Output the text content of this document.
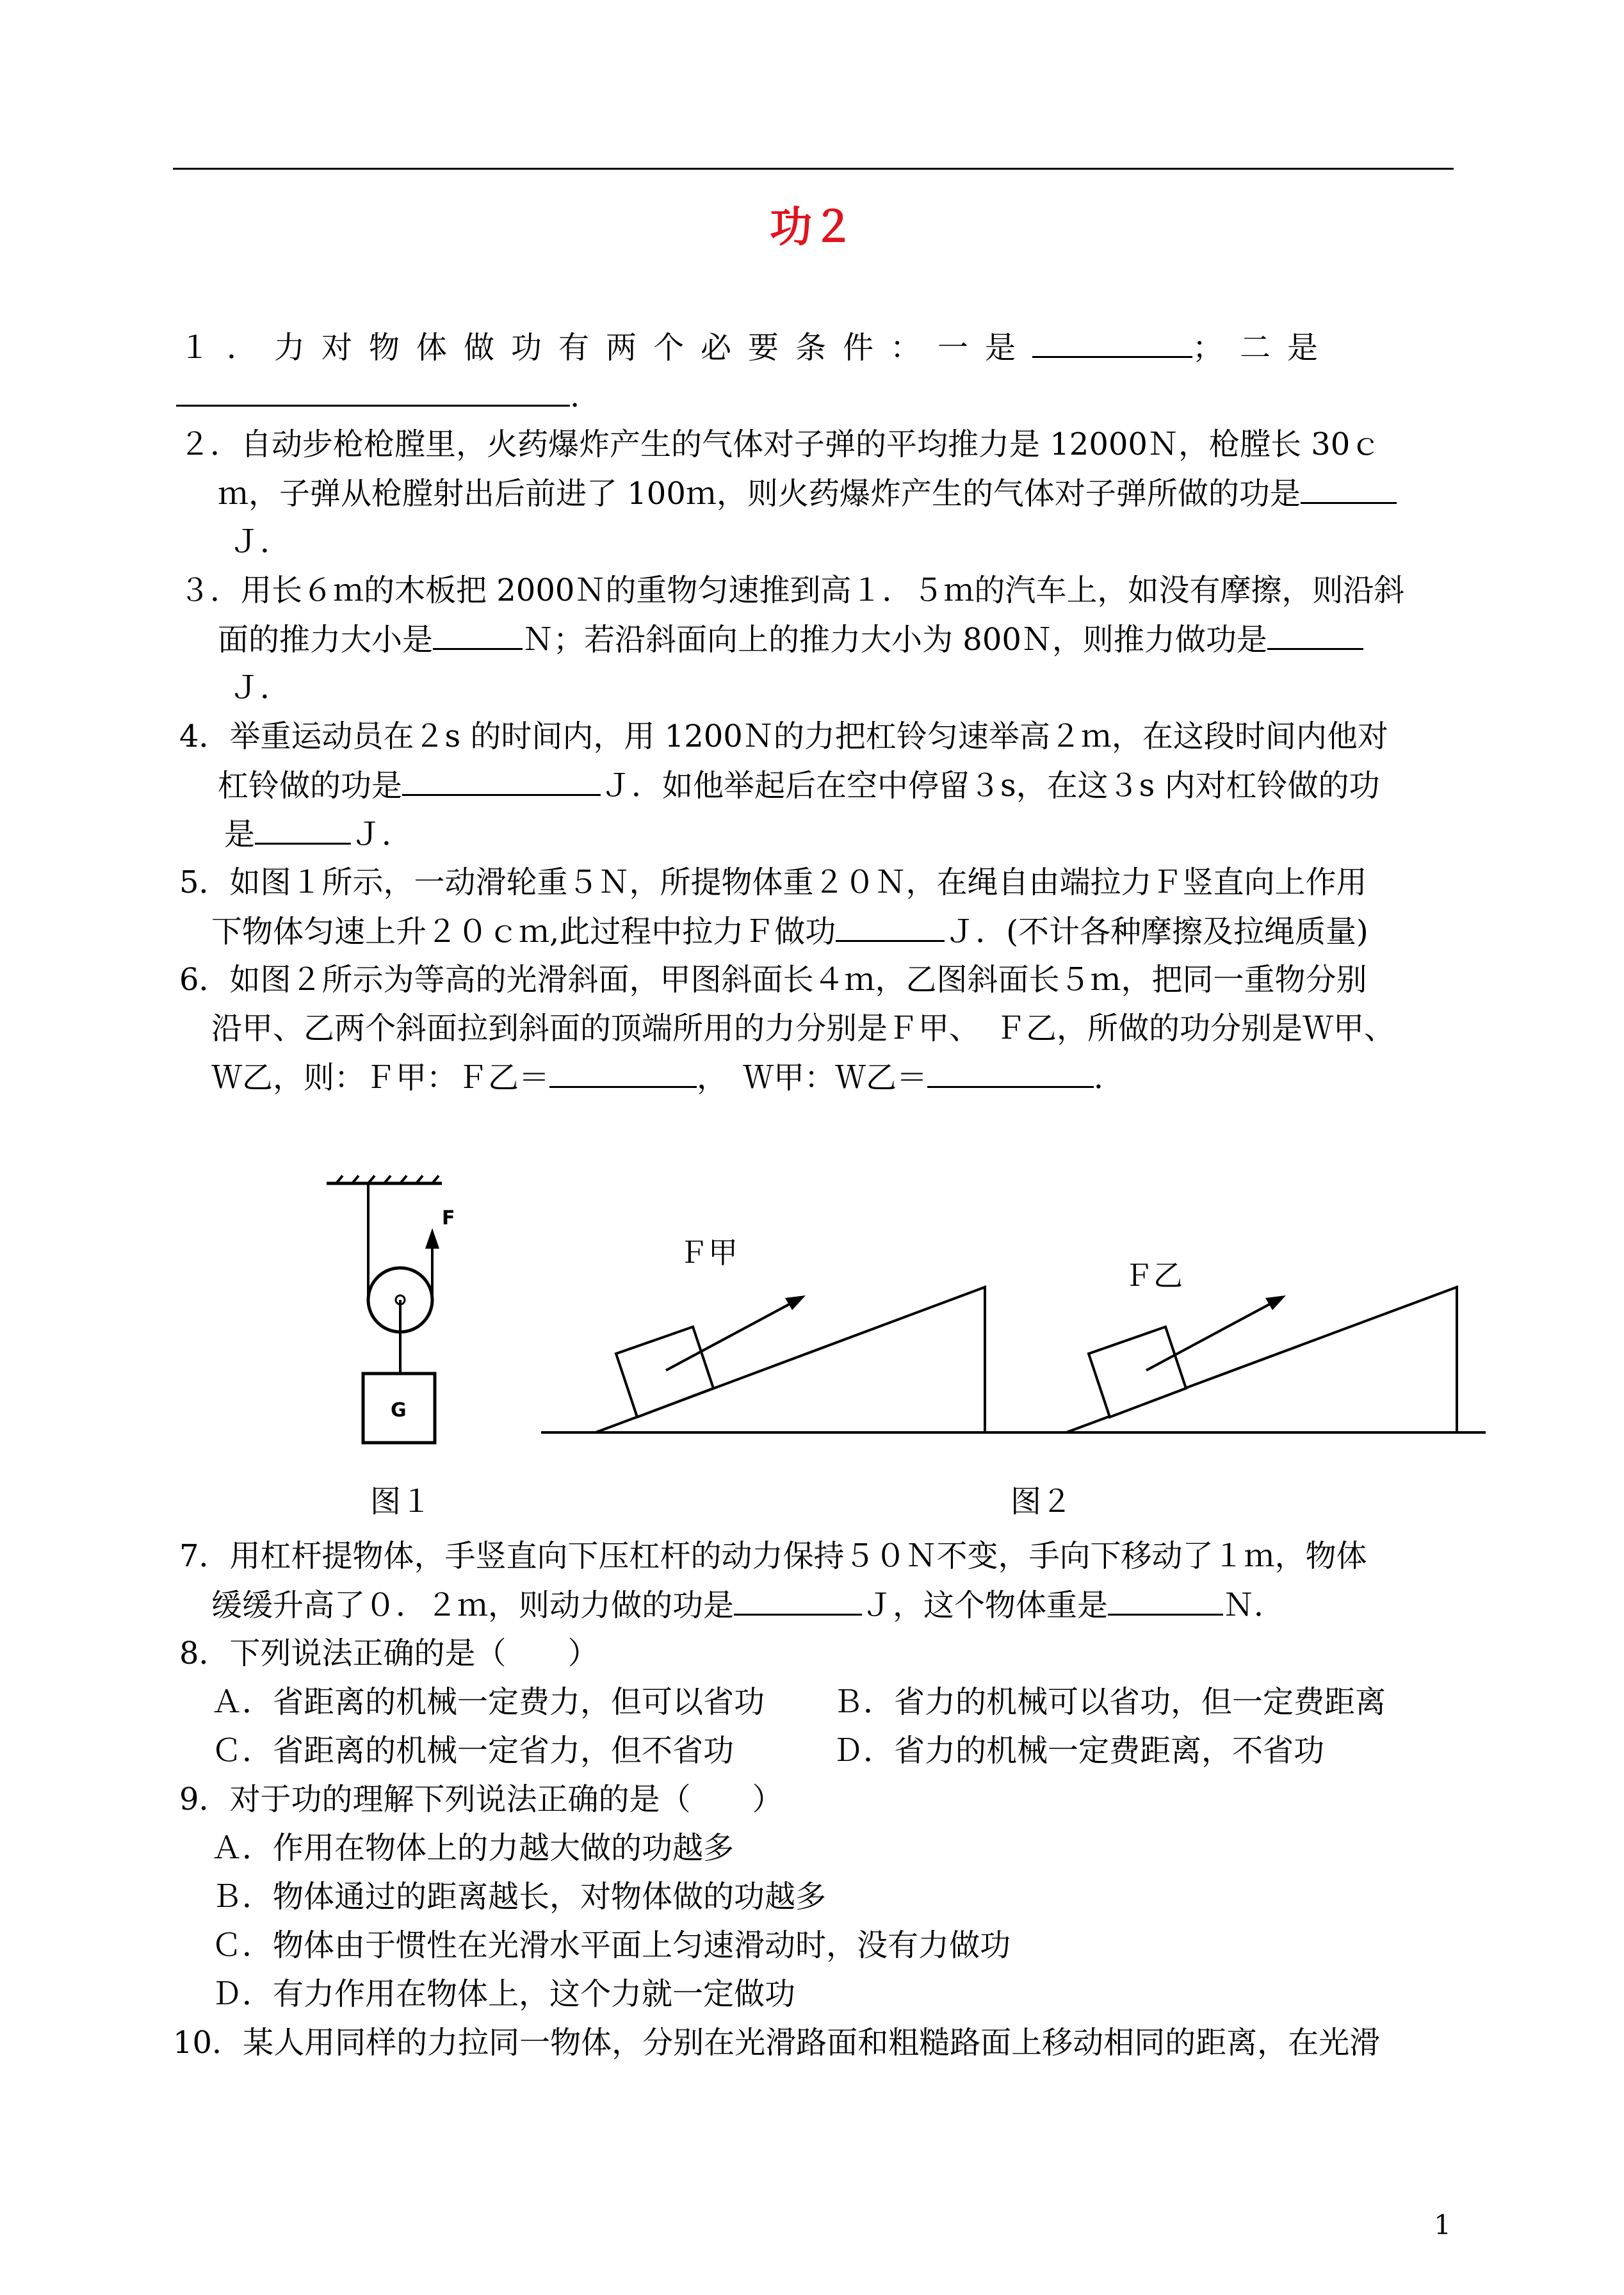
功２
１．力对物体做功有两个必要条件：一是	；二是
.
２．自动步枪枪膛里，火药爆炸产生的气体对子弹的平均推力是 12000Ｎ，枪膛长 30ｃ
ｍ，子弹从枪膛射出后前进了 100ｍ，则火药爆炸产生的气体对子弹所做的功是
Ｊ．
３．用长６ｍ的木板把 2000Ｎ的重物匀速推到高１．５ｍ的汽车上，如没有摩擦，则沿斜
面的推力大小是	Ｎ；若沿斜面向上的推力大小为 800Ｎ，则推力做功是
Ｊ．
4．举重运动员在２s 的时间内，用 1200Ｎ的力把杠铃匀速举高２ｍ，在这段时间内他对
杠铃做的功是	Ｊ．如他举起后在空中停留３s，在这３s 内对杠铃做的功
是	Ｊ．
5．如图１所示，一动滑轮重５Ｎ，所提物体重２０Ｎ，在绳自由端拉力Ｆ竖直向上作用
下物体匀速上升２０ｃｍ,此过程中拉力Ｆ做功	Ｊ．(不计各种摩擦及拉绳质量)
6．如图２所示为等高的光滑斜面，甲图斜面长４ｍ，乙图斜面长５ｍ，把同一重物分别
沿甲、乙两个斜面拉到斜面的顶端所用的力分别是Ｆ甲、　Ｆ乙，所做的功分别是Ｗ甲、
Ｗ乙，则：Ｆ甲：Ｆ乙＝	，　Ｗ甲：Ｗ乙＝	．
F
G
Ｆ甲
Ｆ乙
图１	图２
7．用杠杆提物体，手竖直向下压杠杆的动力保持５０Ｎ不变，手向下移动了１ｍ，物体
缓缓升高了０．２ｍ，则动力做的功是	Ｊ，这个物体重是	Ｎ．
8．下列说法正确的是（　　）
Ａ．省距离的机械一定费力，但可以省功 Ｂ．省力的机械可以省功，但一定费距离
Ｃ．省距离的机械一定省力，但不省功	Ｄ．省力的机械一定费距离，不省功
9．对于功的理解下列说法正确的是（　　）
Ａ．作用在物体上的力越大做的功越多
Ｂ．物体通过的距离越长，对物体做的功越多
Ｃ．物体由于惯性在光滑水平面上匀速滑动时，没有力做功
Ｄ．有力作用在物体上，这个力就一定做功
10．某人用同样的力拉同一物体，分别在光滑路面和粗糙路面上移动相同的距离，在光滑
1
